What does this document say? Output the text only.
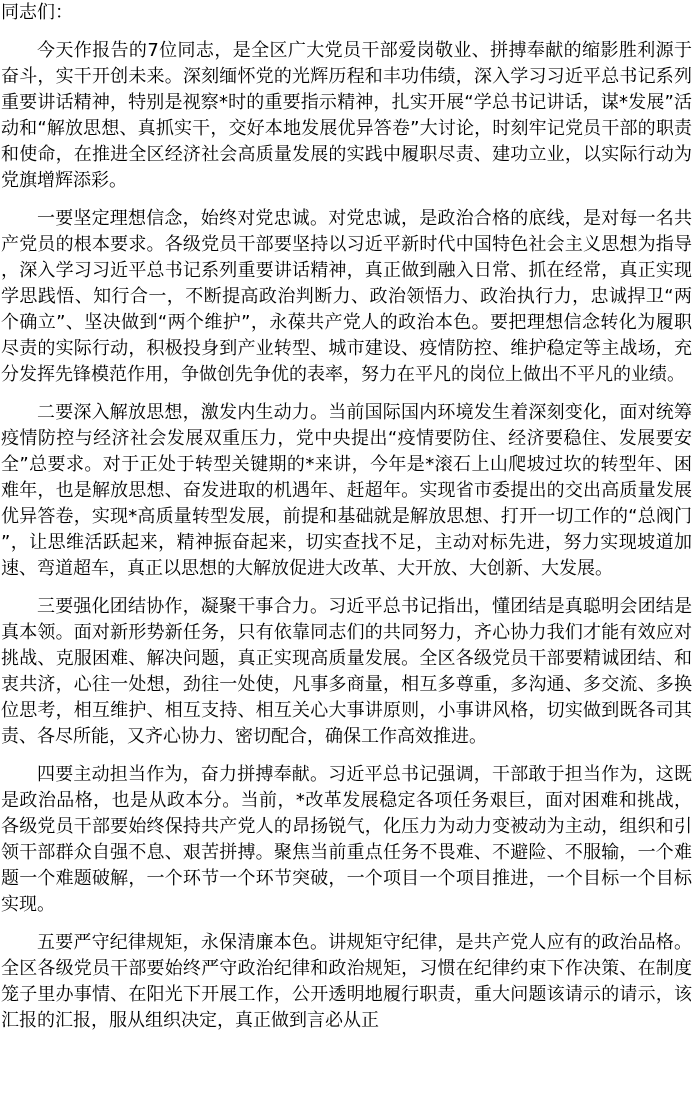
同志们：

今天作报告的7位同志，是全区广大党员干部爱岗敬业、拼搏奉献的缩影胜利源于奋斗，实干开创未来。深刻缅怀党的光辉历程和丰功伟绩，深入学习习近平总书记系列重要讲话精神，特别是视察*时的重要指示精神，扎实开展“学总书记讲话，谋*发展”活动和“解放思想、真抓实干，交好本地发展优异答卷”大讨论，时刻牢记党员干部的职责和使命，在推进全区经济社会高质量发展的实践中履职尽责、建功立业，以实际行动为党旗增辉添彩。

一要坚定理想信念，始终对党忠诚。对党忠诚，是政治合格的底线，是对每一名共产党员的根本要求。各级党员干部要坚持以习近平新时代中国特色社会主义思想为指导，深入学习习近平总书记系列重要讲话精神，真正做到融入日常、抓在经常，真正实现学思践悟、知行合一，不断提高政治判断力、政治领悟力、政治执行力，忠诚捍卫“两个确立”、坚决做到“两个维护”，永葆共产党人的政治本色。要把理想信念转化为履职尽责的实际行动，积极投身到产业转型、城市建设、疫情防控、维护稳定等主战场，充分发挥先锋模范作用，争做创先争优的表率，努力在平凡的岗位上做出不平凡的业绩。

二要深入解放思想，激发内生动力。当前国际国内环境发生着深刻变化，面对统筹疫情防控与经济社会发展双重压力，党中央提出“疫情要防住、经济要稳住、发展要安全”总要求。对于正处于转型关键期的*来讲，今年是*滚石上山爬坡过坎的转型年、困难年，也是解放思想、奋发进取的机遇年、赶超年。实现省市委提出的交出高质量发展优异答卷，实现*高质量转型发展，前提和基础就是解放思想、打开一切工作的“总阀门”，让思维活跃起来，精神振奋起来，切实查找不足，主动对标先进，努力实现坡道加速、弯道超车，真正以思想的大解放促进大改革、大开放、大创新、大发展。

三要强化团结协作，凝聚干事合力。习近平总书记指出，懂团结是真聪明会团结是真本领。面对新形势新任务，只有依靠同志们的共同努力，齐心协力我们才能有效应对挑战、克服困难、解决问题，真正实现高质量发展。全区各级党员干部要精诚团结、和衷共济，心往一处想，劲往一处使，凡事多商量，相互多尊重，多沟通、多交流、多换位思考，相互维护、相互支持、相互关心大事讲原则，小事讲风格，切实做到既各司其责、各尽所能，又齐心协力、密切配合，确保工作高效推进。

四要主动担当作为，奋力拼搏奉献。习近平总书记强调，干部敢于担当作为，这既是政治品格，也是从政本分。当前，*改革发展稳定各项任务艰巨，面对困难和挑战，各级党员干部要始终保持共产党人的昂扬锐气，化压力为动力变被动为主动，组织和引领干部群众自强不息、艰苦拼搏。聚焦当前重点任务不畏难、不避险、不服输，一个难题一个难题破解，一个环节一个环节突破，一个项目一个项目推进，一个目标一个目标实现。

五要严守纪律规矩，永保清廉本色。讲规矩守纪律，是共产党人应有的政治品格。全区各级党员干部要始终严守政治纪律和政治规矩，习惯在纪律约束下作决策、在制度笼子里办事情、在阳光下开展工作，公开透明地履行职责，重大问题该请示的请示，该汇报的汇报，服从组织决定，真正做到言必从正
